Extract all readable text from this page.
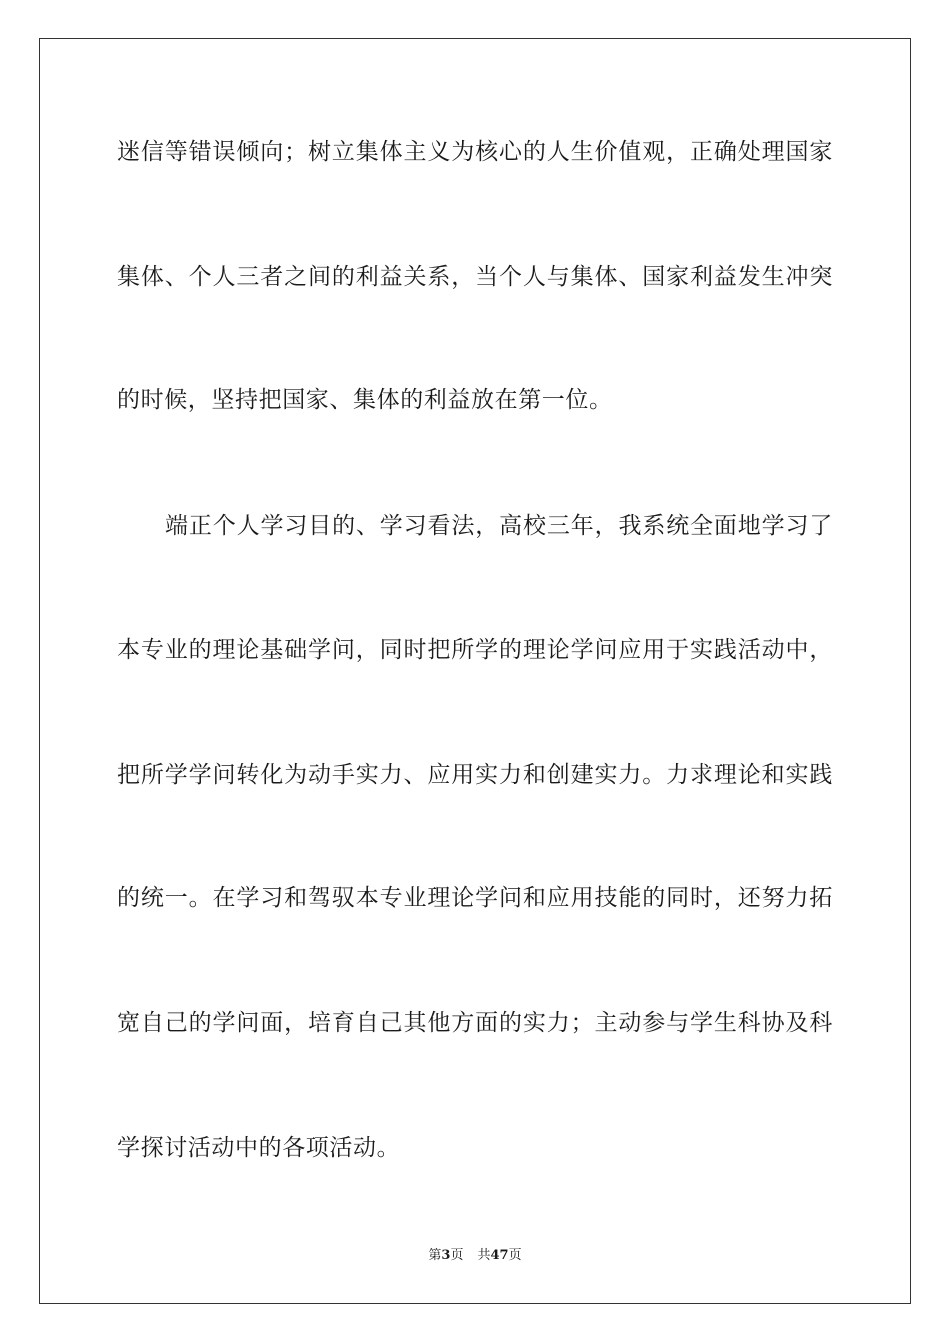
迷信等错误倾向；树立集体主义为核心的人生价值观，正确处理国家
集体、个人三者之间的利益关系，当个人与集体、国家利益发生冲突
的时候，坚持把国家、集体的利益放在第一位。
端正个人学习目的、学习看法，高校三年，我系统全面地学习了
本专业的理论基础学问，同时把所学的理论学问应用于实践活动中，
把所学学问转化为动手实力、应用实力和创建实力。力求理论和实践
的统一。在学习和驾驭本专业理论学问和应用技能的同时，还努力拓
宽自己的学问面，培育自己其他方面的实力；主动参与学生科协及科
学探讨活动中的各项活动。
第3页 共47页
